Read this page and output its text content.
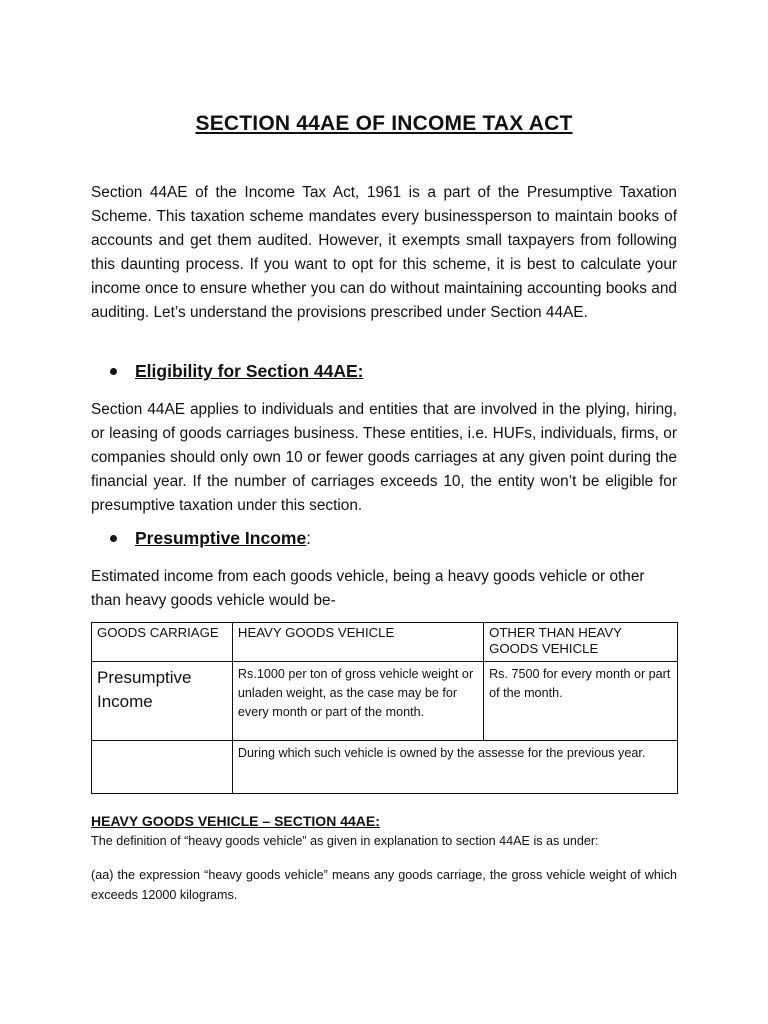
SECTION 44AE OF INCOME TAX ACT

Section 44AE of the Income Tax Act, 1961 is a part of the Presumptive Taxation Scheme. This taxation scheme mandates every businessperson to maintain books of accounts and get them audited. However, it exempts small taxpayers from following this daunting process. If you want to opt for this scheme, it is best to calculate your income once to ensure whether you can do without maintaining accounting books and auditing. Let’s understand the provisions prescribed under Section 44AE.

Eligibility for Section 44AE:

Section 44AE applies to individuals and entities that are involved in the plying, hiring, or leasing of goods carriages business. These entities, i.e. HUFs, individuals, firms, or companies should only own 10 or fewer goods carriages at any given point during the financial year. If the number of carriages exceeds 10, the entity won’t be eligible for presumptive taxation under this section.

Presumptive Income :

Estimated income from each goods vehicle, being a heavy goods vehicle or other than heavy goods vehicle would be-

GOODS CARRIAGE	HEAVY GOODS VEHICLE	OTHER THAN HEAVY GOODS VEHICLE
Presumptive Income	Rs.1000 per ton of gross vehicle weight or unladen weight, as the case may be for every month or part of the month.	Rs. 7500 for every month or part of the month.
	During which such vehicle is owned by the assesse for the previous year.	
HEAVY GOODS VEHICLE – SECTION 44AE:

The definition of “heavy goods vehicle” as given in explanation to section 44AE is as under:

(aa) the expression “heavy goods vehicle” means any goods carriage, the gross vehicle weight of which exceeds 12000 kilograms.
